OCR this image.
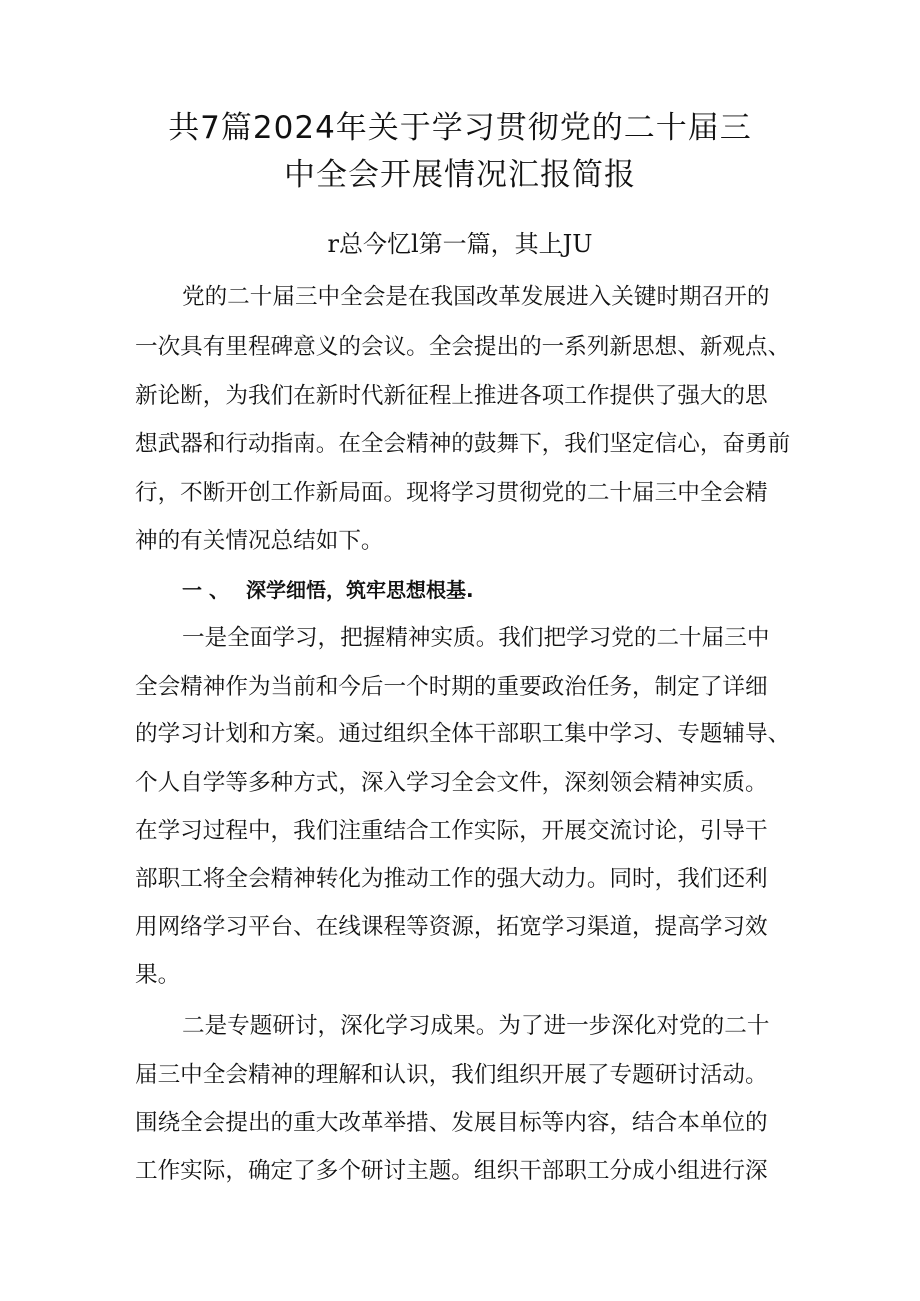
共7篇2024年关于学习贯彻党的二十届三
中全会开展情况汇报简报
r总今忆l第一篇，其上JU
党的二十届三中全会是在我国改革发展进入关键时期召开的
一次具有里程碑意义的会议。全会提出的一系列新思想、新观点、
新论断，为我们在新时代新征程上推进各项工作提供了强大的思
想武器和行动指南。在全会精神的鼓舞下，我们坚定信心，奋勇前
行，不断开创工作新局面。现将学习贯彻党的二十届三中全会精
神的有关情况总结如下。
一 、 深学细悟，筑牢思想根基.
一是全面学习，把握精神实质。我们把学习党的二十届三中
全会精神作为当前和今后一个时期的重要政治任务，制定了详细
的学习计划和方案。通过组织全体干部职工集中学习、专题辅导、
个人自学等多种方式，深入学习全会文件，深刻领会精神实质。
在学习过程中，我们注重结合工作实际，开展交流讨论，引导干
部职工将全会精神转化为推动工作的强大动力。同时，我们还利
用网络学习平台、在线课程等资源，拓宽学习渠道，提高学习效
果。
二是专题研讨，深化学习成果。为了进一步深化对党的二十
届三中全会精神的理解和认识，我们组织开展了专题研讨活动。
围绕全会提出的重大改革举措、发展目标等内容，结合本单位的
工作实际，确定了多个研讨主题。组织干部职工分成小组进行深
